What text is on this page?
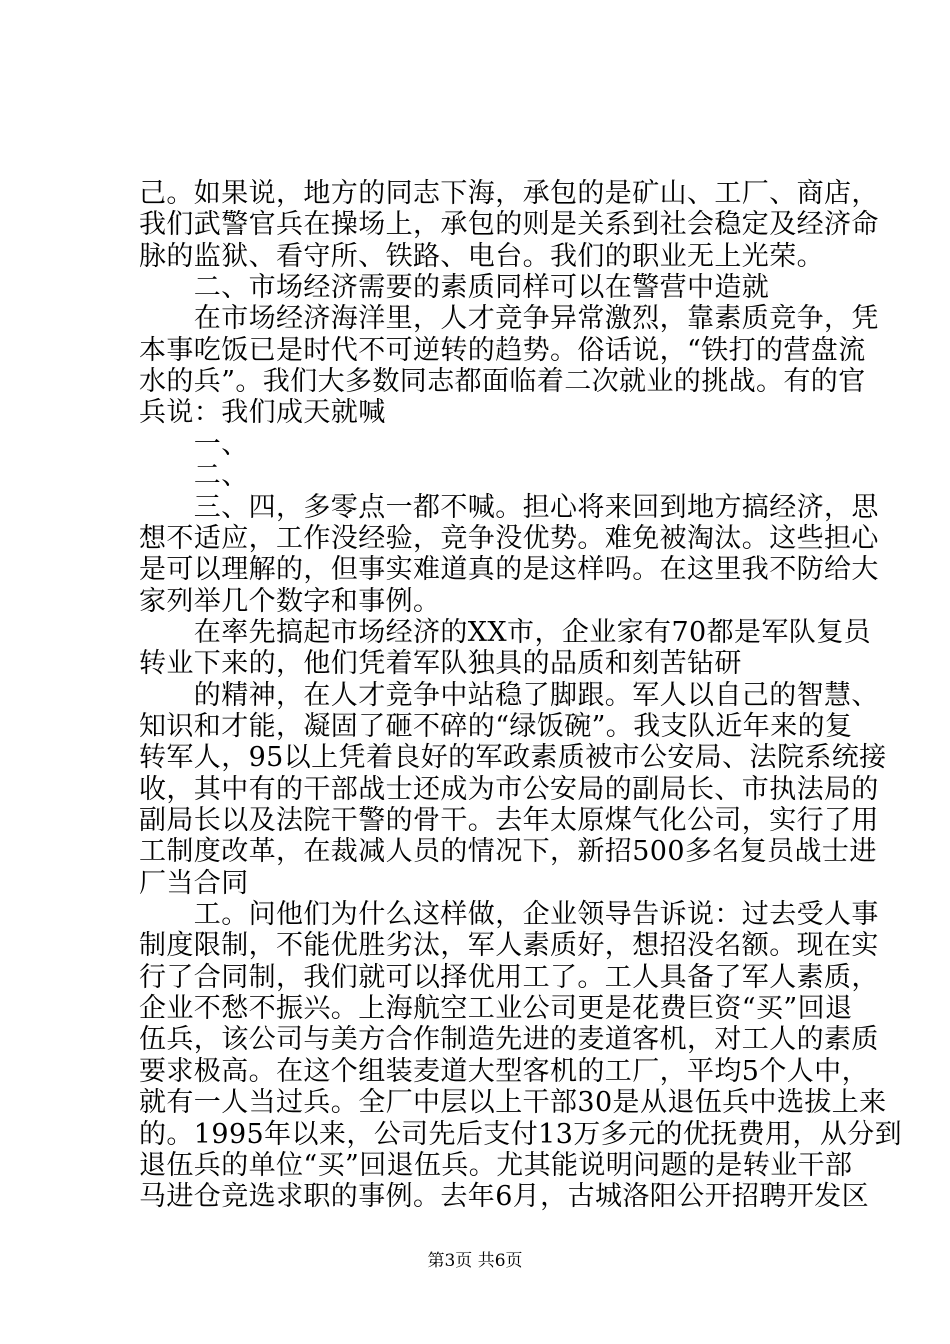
己。如果说，地方的同志下海，承包的是矿山、工厂、商店，
我们武警官兵在操场上，承包的则是关系到社会稳定及经济命
脉的监狱、看守所、铁路、电台。我们的职业无上光荣。
　　二、市场经济需要的素质同样可以在警营中造就
　　在市场经济海洋里，人才竞争异常激烈，靠素质竞争，凭
本事吃饭已是时代不可逆转的趋势。俗话说，“铁打的营盘流
水的兵”。我们大多数同志都面临着二次就业的挑战。有的官
兵说：我们成天就喊
　　一、
　　二、
　　三、四，多零点一都不喊。担心将来回到地方搞经济，思
想不适应，工作没经验，竞争没优势。难免被淘汰。这些担心
是可以理解的，但事实难道真的是这样吗。在这里我不防给大
家列举几个数字和事例。
　　在率先搞起市场经济的XX市，企业家有70都是军队复员
转业下来的，他们凭着军队独具的品质和刻苦钻研
　　的精神，在人才竞争中站稳了脚跟。军人以自己的智慧、
知识和才能，凝固了砸不碎的“绿饭碗”。我支队近年来的复
转军人，95以上凭着良好的军政素质被市公安局、法院系统接
收，其中有的干部战士还成为市公安局的副局长、市执法局的
副局长以及法院干警的骨干。去年太原煤气化公司，实行了用
工制度改革，在裁减人员的情况下，新招500多名复员战士进
厂当合同
　　工。问他们为什么这样做，企业领导告诉说：过去受人事
制度限制，不能优胜劣汰，军人素质好，想招没名额。现在实
行了合同制，我们就可以择优用工了。工人具备了军人素质，
企业不愁不振兴。上海航空工业公司更是花费巨资“买”回退
伍兵，该公司与美方合作制造先进的麦道客机，对工人的素质
要求极高。在这个组装麦道大型客机的工厂，平均5个人中，
就有一人当过兵。全厂中层以上干部30是从退伍兵中选拔上来
的。1995年以来，公司先后支付13万多元的优抚费用，从分到
退伍兵的单位“买”回退伍兵。尤其能说明问题的是转业干部
马进仓竞选求职的事例。去年6月，古城洛阳公开招聘开发区
第3页 共6页
